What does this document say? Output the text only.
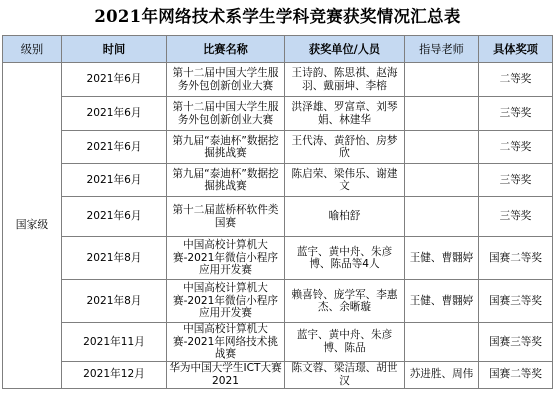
2021年网络技术系学生学科竞赛获奖情况汇总表
级别	时间	比赛名称	获奖单位/人员	指导老师	具体奖项
国家级	2021年6月	第十二届中国大学生服务外包创新创业大赛	王诗韵、陈思祺、赵海羽、戴丽坤、李榕		二等奖
	2021年6月	第十二届中国大学生服务外包创新创业大赛	洪泽雄、罗富章、刘琴娟、林建华		三等奖
	2021年6月	第九届“泰迪杯”数据挖掘挑战赛	王代涛、黄舒怡、房梦欣		二等奖
	2021年6月	第九届“泰迪杯”数据挖掘挑战赛	陈启荣、梁伟乐、谢建文		三等奖
	2021年6月	第十二届蓝桥杯软件类国赛	喻柏舒		三等奖
	2021年8月	中国高校计算机大赛-2021年微信小程序应用开发赛	蓝宇、黄中舟、朱彦博、陈品等4人	王健、曹翾婷	国赛二等奖
	2021年8月	中国高校计算机大赛-2021年微信小程序应用开发赛	赖喜铃、庞学军、李惠杰、余晰璇	王健、曹翾婷	国赛三等奖
	2021年11月	中国高校计算机大赛-2021年网络技术挑战赛	蓝宇、黄中舟、朱彦博、陈品		国赛三等奖
	2021年12月	华为中国大学生ICT大赛2021	陈文蓉、梁洁璟、胡世汉	苏进胜、周伟	国赛二等奖
